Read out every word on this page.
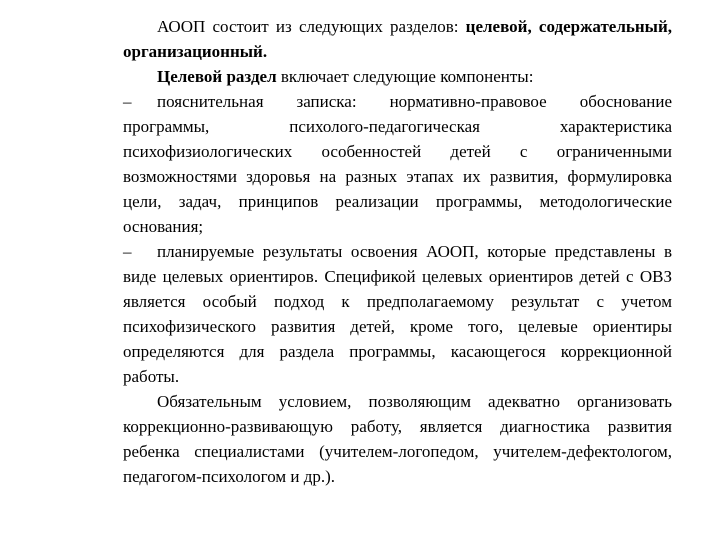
АООП состоит из следующих разделов: целевой, содержательный, организационный.

Целевой раздел включает следующие компоненты:

– пояснительная записка: нормативно-правовое обоснование программы, психолого-педагогическая характеристика психофизиологических особенностей детей с ограниченными возможностями здоровья на разных этапах их развития, формулировка цели, задач, принципов реализации программы, методологические основания;

– планируемые результаты освоения АООП, которые представлены в виде целевых ориентиров. Спецификой целевых ориентиров детей с ОВЗ является особый подход к предполагаемому результат с учетом психофизического развития детей, кроме того, целевые ориентиры определяются для раздела программы, касающегося коррекционной работы.

Обязательным условием, позволяющим адекватно организовать коррекционно-развивающую работу, является диагностика развития ребенка специалистами (учителем-логопедом, учителем-дефектологом, педагогом-психологом и др.).
